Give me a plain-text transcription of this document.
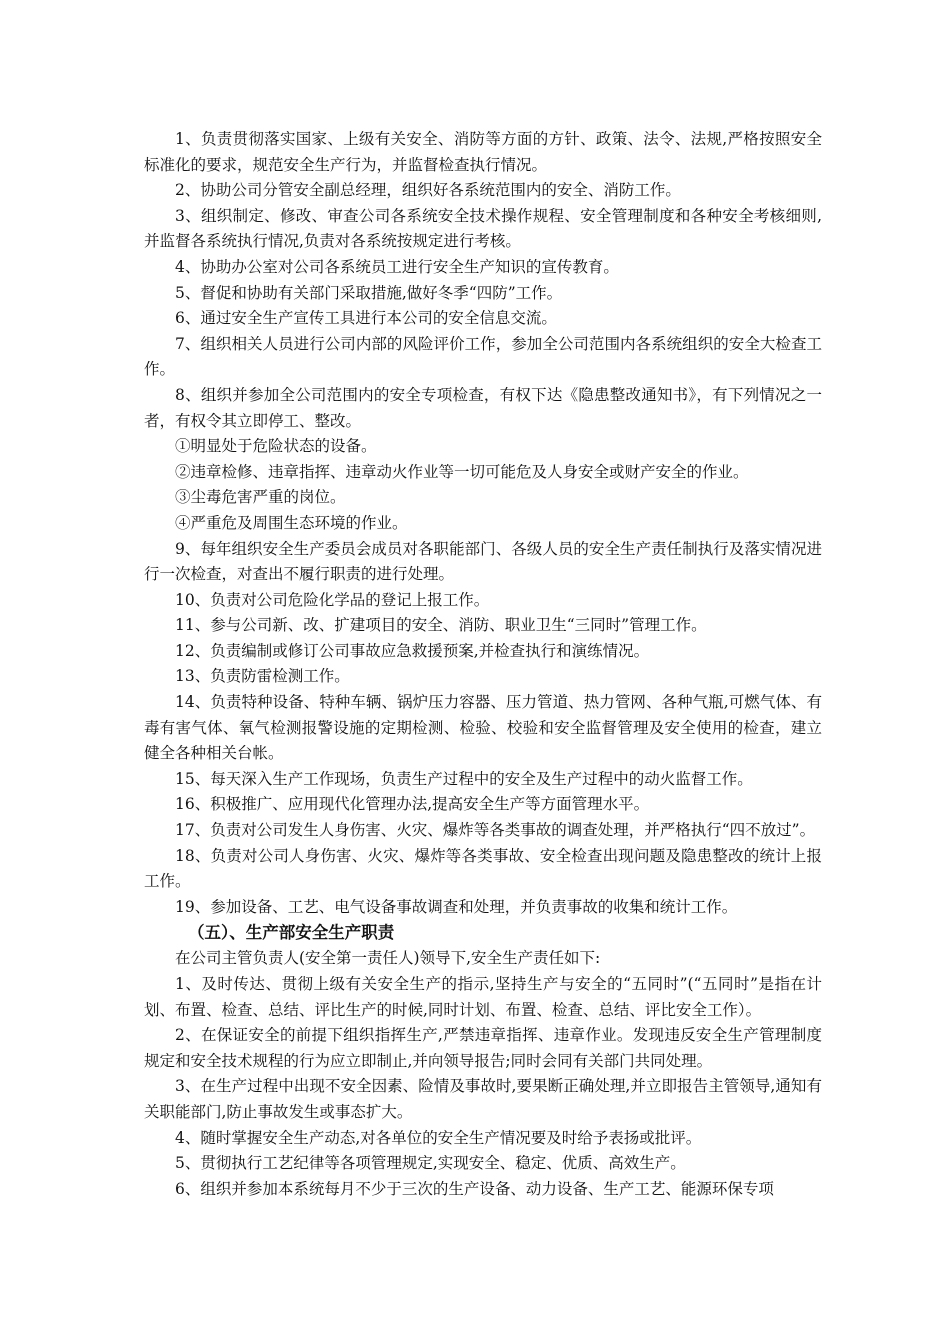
1、负责贯彻落实国家、上级有关安全、消防等方面的方针、政策、法令、法规,严格按照安全标准化的要求，规范安全生产行为，并监督检查执行情况。

2、协助公司分管安全副总经理，组织好各系统范围内的安全、消防工作。

3、组织制定、修改、审查公司各系统安全技术操作规程、安全管理制度和各种安全考核细则,并监督各系统执行情况,负责对各系统按规定进行考核。

4、协助办公室对公司各系统员工进行安全生产知识的宣传教育。

5、督促和协助有关部门采取措施,做好冬季“四防”工作。

6、通过安全生产宣传工具进行本公司的安全信息交流。

7、组织相关人员进行公司内部的风险评价工作，参加全公司范围内各系统组织的安全大检查工作。

8、组织并参加全公司范围内的安全专项检查，有权下达《隐患整改通知书》，有下列情况之一者，有权令其立即停工、整改。

①明显处于危险状态的设备。

②违章检修、违章指挥、违章动火作业等一切可能危及人身安全或财产安全的作业。

③尘毒危害严重的岗位。

④严重危及周围生态环境的作业。

9、每年组织安全生产委员会成员对各职能部门、各级人员的安全生产责任制执行及落实情况进行一次检查，对查出不履行职责的进行处理。

10、负责对公司危险化学品的登记上报工作。

11、参与公司新、改、扩建项目的安全、消防、职业卫生“三同时”管理工作。

12、负责编制或修订公司事故应急救援预案,并检查执行和演练情况。

13、负责防雷检测工作。

14、负责特种设备、特种车辆、锅炉压力容器、压力管道、热力管网、各种气瓶,可燃气体、有毒有害气体、氧气检测报警设施的定期检测、检验、校验和安全监督管理及安全使用的检查，建立健全各种相关台帐。

15、每天深入生产工作现场，负责生产过程中的安全及生产过程中的动火监督工作。

16、积极推广、应用现代化管理办法,提高安全生产等方面管理水平。

17、负责对公司发生人身伤害、火灾、爆炸等各类事故的调查处理，并严格执行“四不放过”。

18、负责对公司人身伤害、火灾、爆炸等各类事故、安全检查出现问题及隐患整改的统计上报工作。

19、参加设备、工艺、电气设备事故调查和处理，并负责事故的收集和统计工作。

（五）、生产部安全生产职责

在公司主管负责人(安全第一责任人)领导下,安全生产责任如下:

1、及时传达、贯彻上级有关安全生产的指示,坚持生产与安全的“五同时”(“五同时”是指在计划、布置、检查、总结、评比生产的时候,同时计划、布置、检查、总结、评比安全工作）。

2、在保证安全的前提下组织指挥生产,严禁违章指挥、违章作业。发现违反安全生产管理制度规定和安全技术规程的行为应立即制止,并向领导报告;同时会同有关部门共同处理。

3、在生产过程中出现不安全因素、险情及事故时,要果断正确处理,并立即报告主管领导,通知有关职能部门,防止事故发生或事态扩大。

4、随时掌握安全生产动态,对各单位的安全生产情况要及时给予表扬或批评。

5、贯彻执行工艺纪律等各项管理规定,实现安全、稳定、优质、高效生产。

6、组织并参加本系统每月不少于三次的生产设备、动力设备、生产工艺、能源环保专项
